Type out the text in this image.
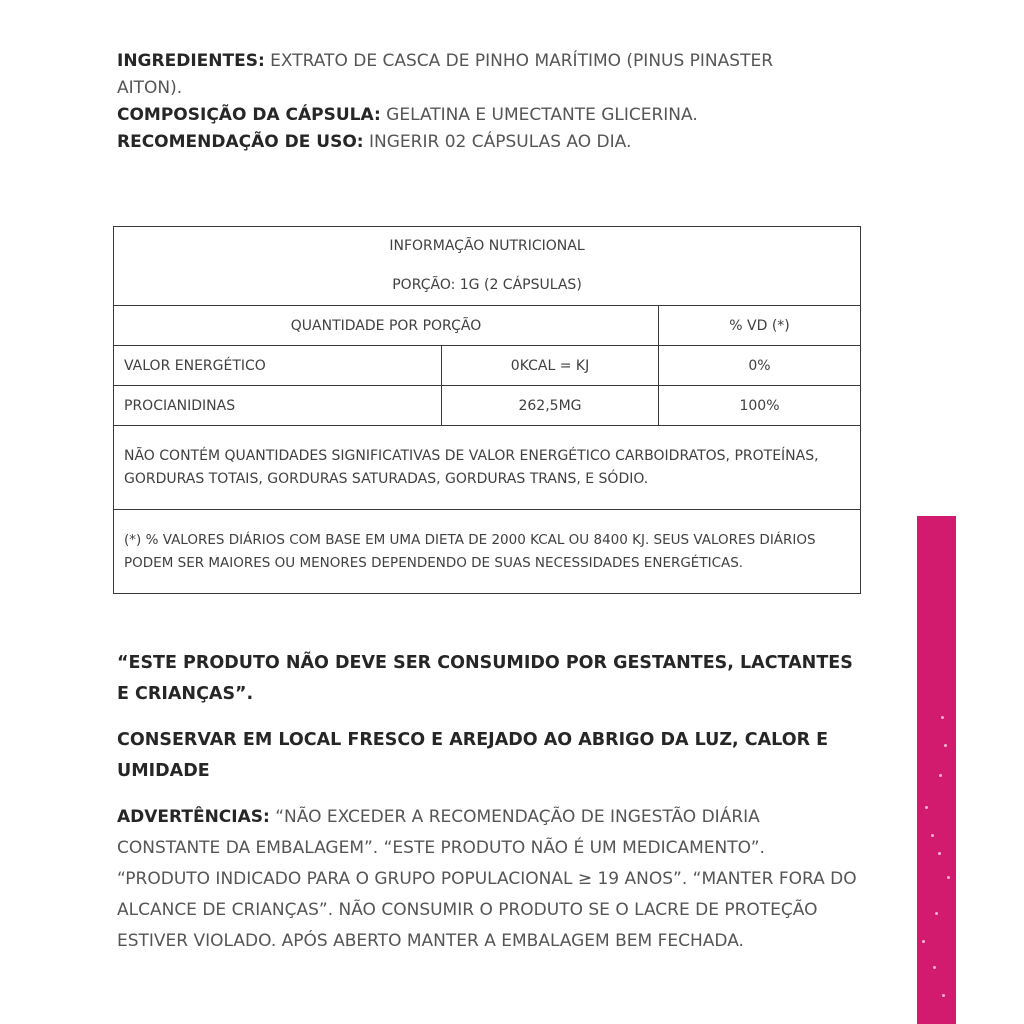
INGREDIENTES: EXTRATO DE CASCA DE PINHO MARÍTIMO (PINUS PINASTER AITON).

COMPOSIÇÃO DA CÁPSULA: GELATINA E UMECTANTE GLICERINA.

RECOMENDAÇÃO DE USO: INGERIR 02 CÁPSULAS AO DIA.

INFORMAÇÃO NUTRICIONAL
PORÇÃO: 1G (2 CÁPSULAS)		

QUANTIDADE POR PORÇÃO		% VD (*)
VALOR ENERGÉTICO	0KCAL = KJ	0%
PROCIANIDINAS	262,5MG	100%
NÃO CONTÉM QUANTIDADES SIGNIFICATIVAS DE VALOR ENERGÉTICO CARBOIDRATOS, PROTEÍNAS, GORDURAS TOTAIS, GORDURAS SATURADAS, GORDURAS TRANS, E SÓDIO.		
(*) % VALORES DIÁRIOS COM BASE EM UMA DIETA DE 2000 KCAL OU 8400 KJ. SEUS VALORES DIÁRIOS PODEM SER MAIORES OU MENORES DEPENDENDO DE SUAS NECESSIDADES ENERGÉTICAS.		

“ESTE PRODUTO NÃO DEVE SER CONSUMIDO POR GESTANTES, LACTANTES E CRIANÇAS”.

CONSERVAR EM LOCAL FRESCO E AREJADO AO ABRIGO DA LUZ, CALOR E UMIDADE

ADVERTÊNCIAS: “NÃO EXCEDER A RECOMENDAÇÃO DE INGESTÃO DIÁRIA CONSTANTE DA EMBALAGEM”. “ESTE PRODUTO NÃO É UM MEDICAMENTO”. “PRODUTO INDICADO PARA O GRUPO POPULACIONAL ≥ 19 ANOS”. “MANTER FORA DO ALCANCE DE CRIANÇAS”. NÃO CONSUMIR O PRODUTO SE O LACRE DE PROTEÇÃO ESTIVER VIOLADO. APÓS ABERTO MANTER A EMBALAGEM BEM FECHADA.
